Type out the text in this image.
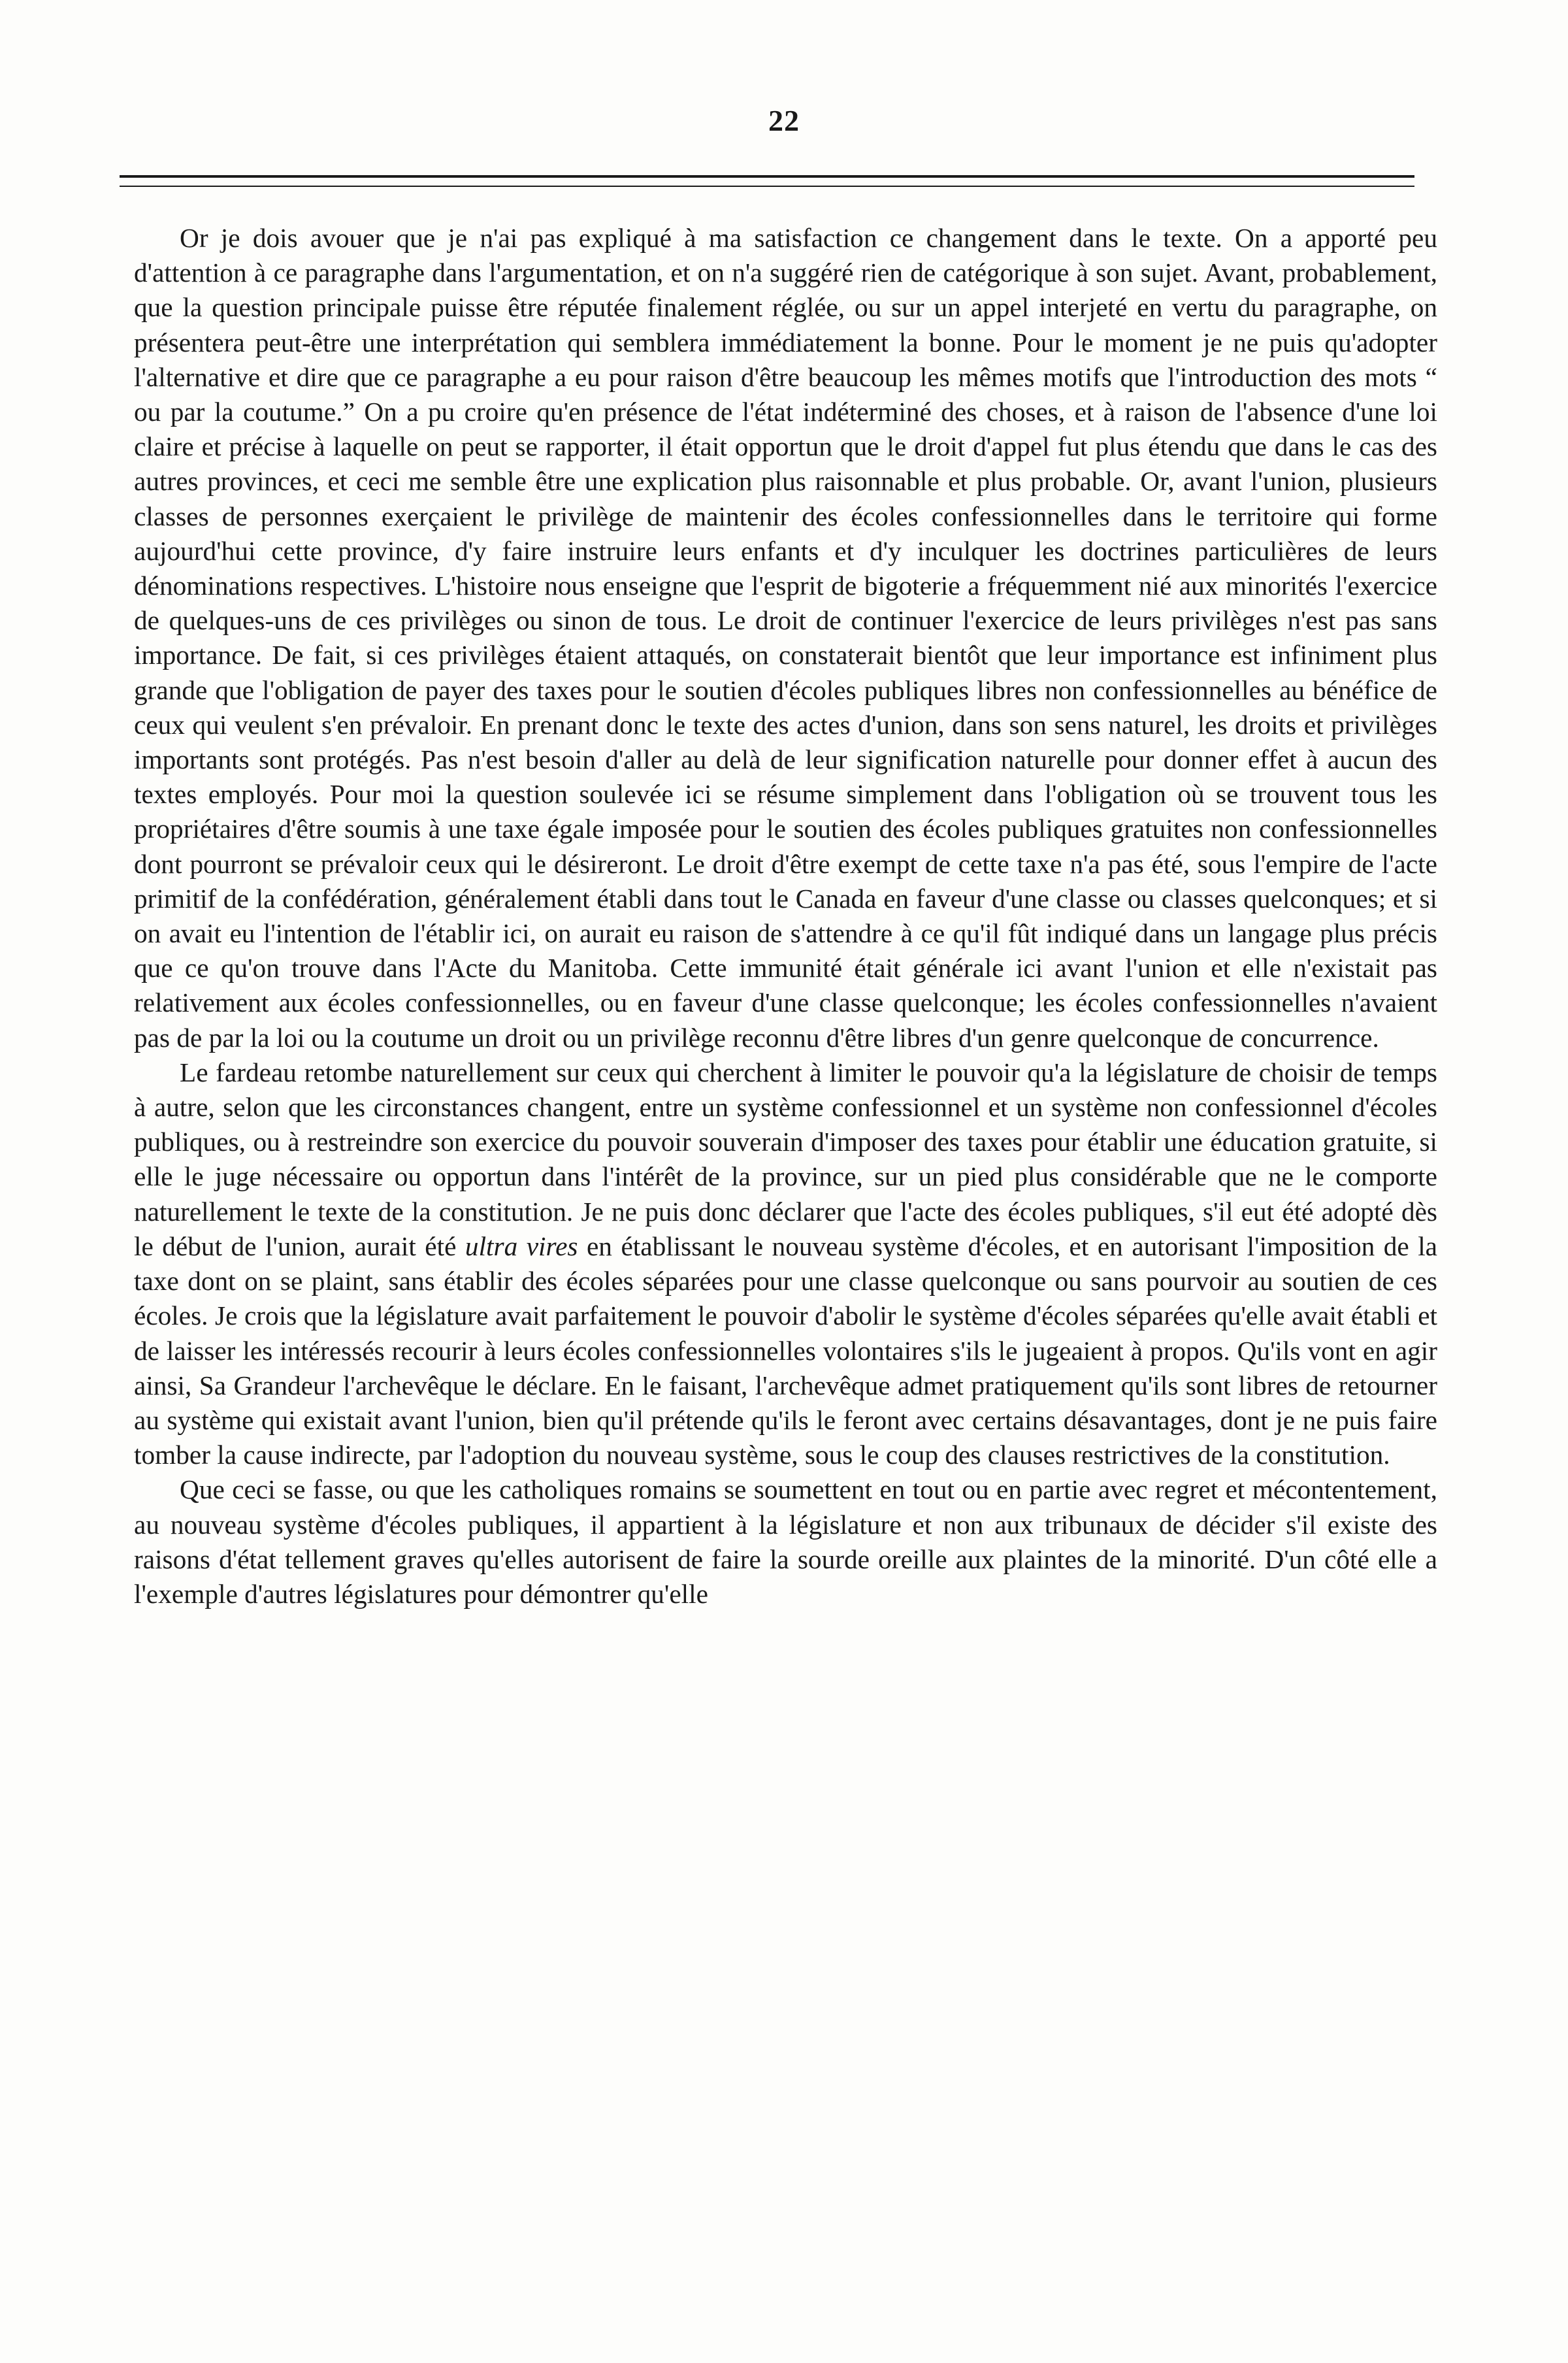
22

Or je dois avouer que je n'ai pas expliqué à ma satisfaction ce changement dans le texte. On a apporté peu d'attention à ce paragraphe dans l'argumentation, et on n'a suggéré rien de catégorique à son sujet. Avant, probablement, que la question principale puisse être réputée finalement réglée, ou sur un appel interjeté en vertu du paragraphe, on présentera peut-être une interprétation qui semblera immédiatement la bonne. Pour le moment je ne puis qu'adopter l'alternative et dire que ce paragraphe a eu pour raison d'être beaucoup les mêmes motifs que l'introduction des mots “ ou par la coutume.” On a pu croire qu'en présence de l'état indéterminé des choses, et à raison de l'absence d'une loi claire et précise à laquelle on peut se rapporter, il était opportun que le droit d'appel fut plus étendu que dans le cas des autres provinces, et ceci me semble être une explication plus raisonnable et plus probable. Or, avant l'union, plusieurs classes de personnes exerçaient le privilège de maintenir des écoles confessionnelles dans le territoire qui forme aujourd'hui cette province, d'y faire instruire leurs enfants et d'y inculquer les doctrines particulières de leurs dénominations respectives. L'histoire nous enseigne que l'esprit de bigoterie a fréquemment nié aux minorités l'exercice de quelques-uns de ces privilèges ou sinon de tous. Le droit de continuer l'exercice de leurs privilèges n'est pas sans importance. De fait, si ces privilèges étaient attaqués, on constaterait bientôt que leur importance est infiniment plus grande que l'obligation de payer des taxes pour le soutien d'écoles publiques libres non confessionnelles au bénéfice de ceux qui veulent s'en prévaloir. En prenant donc le texte des actes d'union, dans son sens naturel, les droits et privilèges importants sont protégés. Pas n'est besoin d'aller au delà de leur signification naturelle pour donner effet à aucun des textes employés. Pour moi la question soulevée ici se résume simplement dans l'obligation où se trouvent tous les propriétaires d'être soumis à une taxe égale imposée pour le soutien des écoles publiques gratuites non confessionnelles dont pourront se prévaloir ceux qui le désireront. Le droit d'être exempt de cette taxe n'a pas été, sous l'empire de l'acte primitif de la confédération, généralement établi dans tout le Canada en faveur d'une classe ou classes quelconques; et si on avait eu l'intention de l'établir ici, on aurait eu raison de s'attendre à ce qu'il fût indiqué dans un langage plus précis que ce qu'on trouve dans l'Acte du Manitoba. Cette immunité était générale ici avant l'union et elle n'existait pas relativement aux écoles confessionnelles, ou en faveur d'une classe quelconque; les écoles confessionnelles n'avaient pas de par la loi ou la coutume un droit ou un privilège reconnu d'être libres d'un genre quelconque de concurrence.

Le fardeau retombe naturellement sur ceux qui cherchent à limiter le pouvoir qu'a la législature de choisir de temps à autre, selon que les circonstances changent, entre un système confessionnel et un système non confessionnel d'écoles publiques, ou à restreindre son exercice du pouvoir souverain d'imposer des taxes pour établir une éducation gratuite, si elle le juge nécessaire ou opportun dans l'intérêt de la province, sur un pied plus considérable que ne le comporte naturellement le texte de la constitution. Je ne puis donc déclarer que l'acte des écoles publiques, s'il eut été adopté dès le début de l'union, aurait été ultra vires en établissant le nouveau système d'écoles, et en autorisant l'imposition de la taxe dont on se plaint, sans établir des écoles séparées pour une classe quelconque ou sans pourvoir au soutien de ces écoles. Je crois que la législature avait parfaitement le pouvoir d'abolir le système d'écoles séparées qu'elle avait établi et de laisser les intéressés recourir à leurs écoles confessionnelles volontaires s'ils le jugeaient à propos. Qu'ils vont en agir ainsi, Sa Grandeur l'archevêque le déclare. En le faisant, l'archevêque admet pratiquement qu'ils sont libres de retourner au système qui existait avant l'union, bien qu'il prétende qu'ils le feront avec certains désavantages, dont je ne puis faire tomber la cause indirecte, par l'adoption du nouveau système, sous le coup des clauses restrictives de la constitution.

Que ceci se fasse, ou que les catholiques romains se soumettent en tout ou en partie avec regret et mécontentement, au nouveau système d'écoles publiques, il appartient à la législature et non aux tribunaux de décider s'il existe des raisons d'état tellement graves qu'elles autorisent de faire la sourde oreille aux plaintes de la minorité. D'un côté elle a l'exemple d'autres législatures pour démontrer qu'elle
